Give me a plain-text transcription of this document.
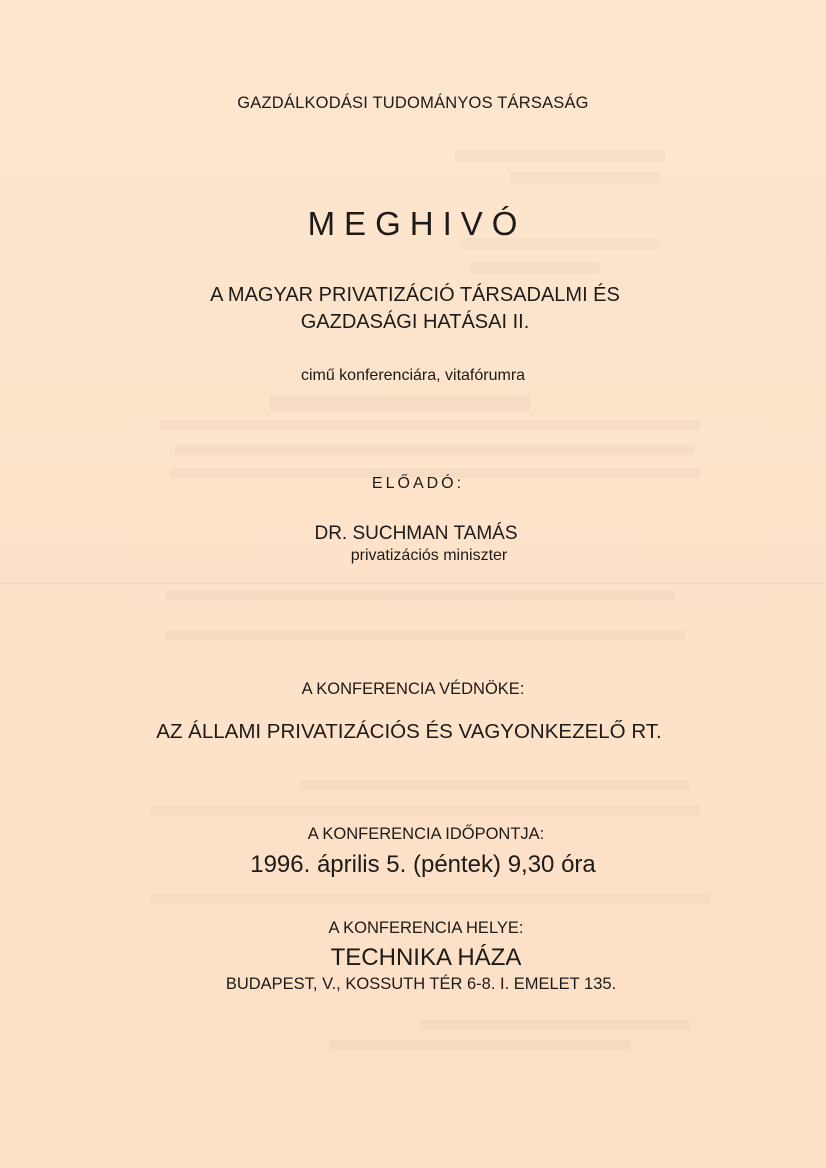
GAZDÁLKODÁSI TUDOMÁNYOS TÁRSASÁG
MEGHIVÓ
A MAGYAR PRIVATIZÁCIÓ TÁRSADALMI ÉS
GAZDASÁGI HATÁSAI II.
cimű konferenciára, vitafórumra
ELŐADÓ:
DR. SUCHMAN TAMÁS
privatizációs miniszter
A KONFERENCIA VÉDNÖKE:
AZ ÁLLAMI PRIVATIZÁCIÓS ÉS VAGYONKEZELŐ RT.
A KONFERENCIA IDŐPONTJA:
1996. április 5. (péntek) 9,30 óra
A KONFERENCIA HELYE:
TECHNIKA HÁZA
BUDAPEST, V., KOSSUTH TÉR 6-8. I. EMELET 135.
